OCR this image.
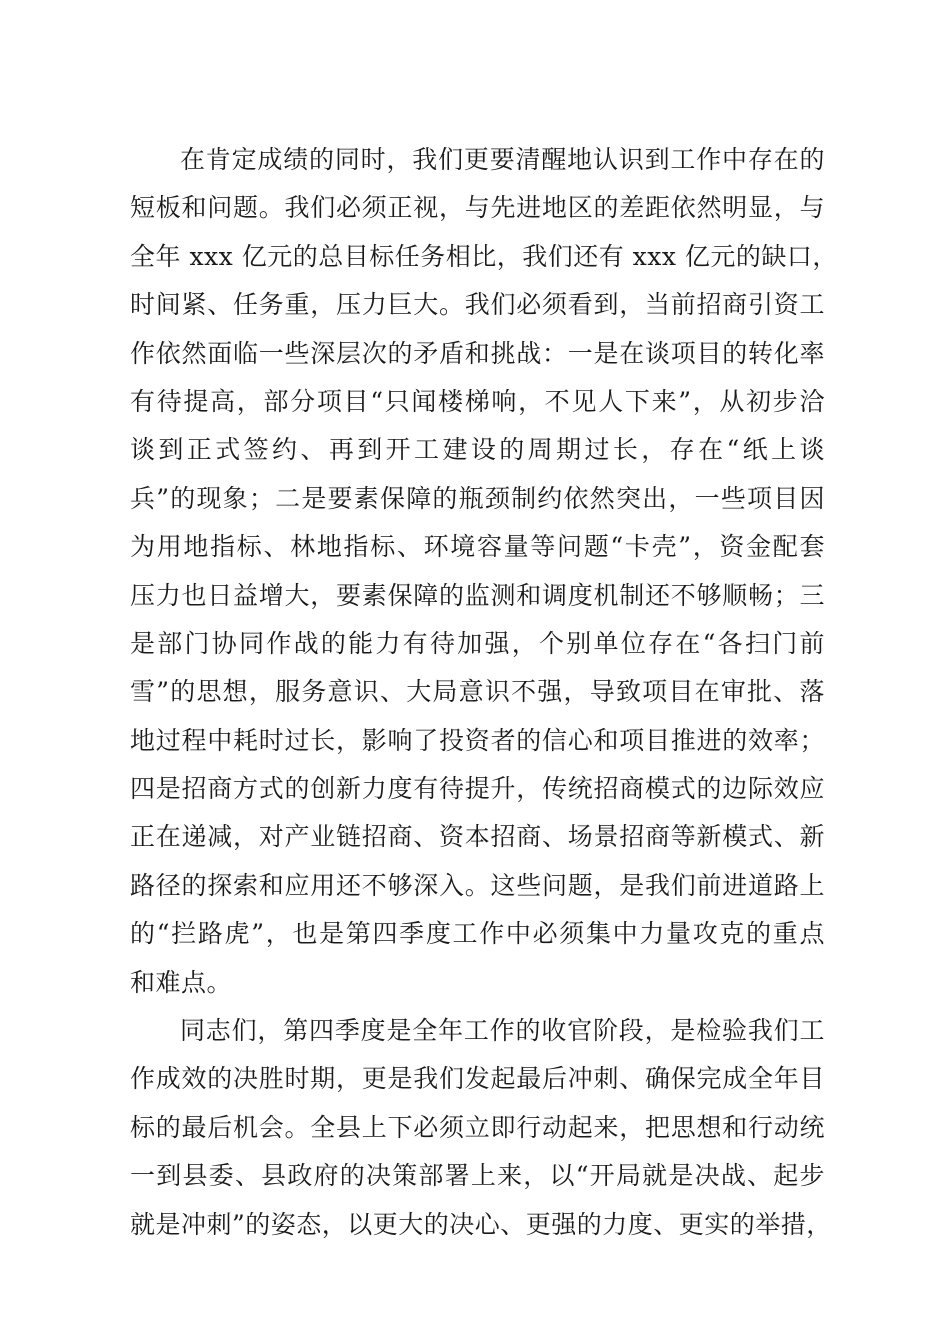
在肯定成绩的同时，我们更要清醒地认识到工作中存在的
短板和问题。我们必须正视，与先进地区的差距依然明显，与
全年 xxx 亿元的总目标任务相比，我们还有 xxx 亿元的缺口，
时间紧、任务重，压力巨大。我们必须看到，当前招商引资工
作依然面临一些深层次的矛盾和挑战：一是在谈项目的转化率
有待提高，部分项目“只闻楼梯响，不见人下来”，从初步洽
谈到正式签约、再到开工建设的周期过长，存在“纸上谈
兵”的现象；二是要素保障的瓶颈制约依然突出，一些项目因
为用地指标、林地指标、环境容量等问题“卡壳”，资金配套
压力也日益增大，要素保障的监测和调度机制还不够顺畅；三
是部门协同作战的能力有待加强，个别单位存在“各扫门前
雪”的思想，服务意识、大局意识不强，导致项目在审批、落
地过程中耗时过长，影响了投资者的信心和项目推进的效率；
四是招商方式的创新力度有待提升，传统招商模式的边际效应
正在递减，对产业链招商、资本招商、场景招商等新模式、新
路径的探索和应用还不够深入。这些问题，是我们前进道路上
的“拦路虎”，也是第四季度工作中必须集中力量攻克的重点
和难点。
同志们，第四季度是全年工作的收官阶段，是检验我们工
作成效的决胜时期，更是我们发起最后冲刺、确保完成全年目
标的最后机会。全县上下必须立即行动起来，把思想和行动统
一到县委、县政府的决策部署上来，以“开局就是决战、起步
就是冲刺”的姿态，以更大的决心、更强的力度、更实的举措，
